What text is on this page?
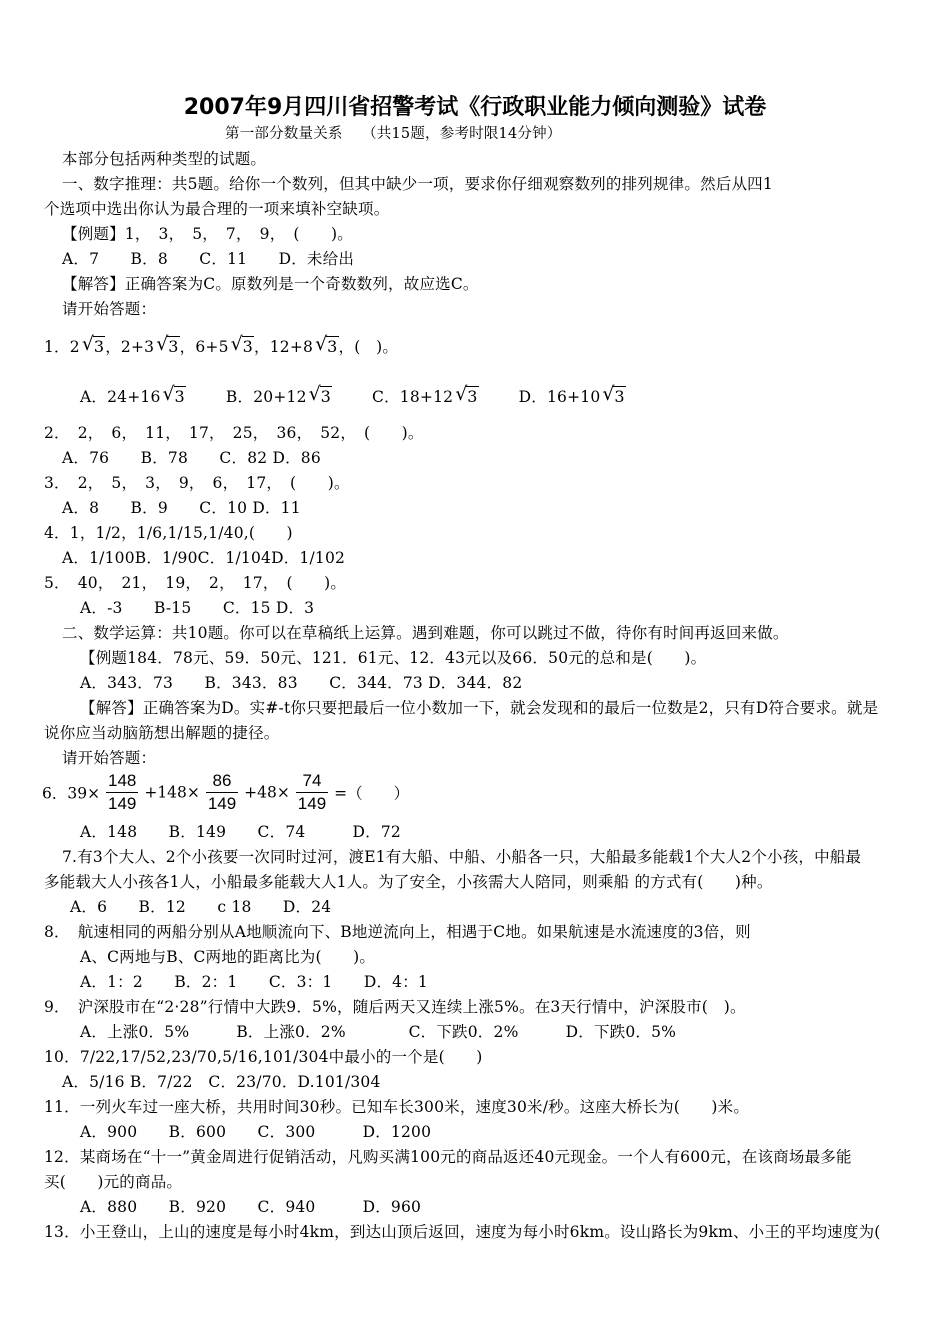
2007年9月四川省招警考试《行政职业能力倾向测验》试卷
第一部分数量关系　 （共15题，参考时限14分钟）
本部分包括两种类型的试题。
一、数字推理：共5题。给你一个数列，但其中缺少一项，要求你仔细观察数列的排列规律。然后从四1
个选项中选出你认为最合理的一项来填补空缺项。
【例题】1，　3，　5，　7，　9，　(　　)。
A．7　　B．8　　C．11　　D．未给出
【解答】正确答案为C。原数列是一个奇数数列，故应选C。
请开始答题：
1．2 √ 3，2+3 √ 3，6+5 √ 3，12+8 √ 3，(　)。
A．24+16 √ 3	B．20+12 √ 3	C．18+12 √ 3	D．16+10 √ 3
2．　2，　6，　11，　17，　25，　36，　52，　(　　)。
A．76　　B．78　　C．82 D．86
3．　2，　5，　3，　9，　6，　17，　(　　)。
A．8　　B．9　　C．10 D．11
4．1，1/2，1/6,1/15,1/40,(　　)
A．1/100B．1/90C．1/104D．1/102
5．　40，　21，　19，　2，　17，　(　　)。
A．-3　　B-15　　C．15 D．3
二、数学运算：共10题。你可以在草稿纸上运算。遇到难题，你可以跳过不做，待你有时间再返回来做。
【例题184．78元、59．50元、121．61元、12．43元以及66．50元的总和是(　　)。
A．343．73　　B．343．83　　C．344．73 D．344．82
【解答】正确答案为D。实#-t你只要把最后一位小数加一下，就会发现和的最后一位数是2，只有D符合要求。就是
说你应当动脑筋想出解题的捷径。
请开始答题：
6．$39\times \frac{148}{149} +148\times \frac{86}{149} +48\times \frac{74}{149}$ =（　　）
A．148　　B．149　　C．74　　　D．72
7.有3个大人、2个小孩要一次同时过河，渡E1有大船、中船、小船各一只，大船最多能载1个大人2个小孩，中船最
多能载大人小孩各1人，小船最多能载大人1人。为了安全，小孩需大人陪同，则乘船 的方式有(　　)种。
A．6　　B．12　　c 18　　D．24
8．　航速相同的两船分别从A地顺流向下、B地逆流向上，相遇于C地。如果航速是水流速度的3倍，则
A、C两地与B、C两地的距离比为(　　)。
A．1：2　　B．2：1　　C．3：1　　D．4：1
9．　沪深股市在“2·28”行情中大跌9．5%，随后两天又连续上涨5%。在3天行情中，沪深股市(　)。
A．上涨0．5%　　　B．上涨0．2%　　　　C．下跌0．2%　　　D．下跌0．5%
10．7/22,17/52,23/70,5/16,101/304中最小的一个是(　　)
A．5/16 B．7/22　C．23/70．D.101/304
11．一列火车过一座大桥，共用时间30秒。已知车长300米，速度30米/秒。这座大桥长为(　　)米。
A．900　　B．600　　C．300　　　D．1200
12．某商场在“十一”黄金周进行促销活动，凡购买满100元的商品返还40元现金。一个人有600元，在该商场最多能
买(　　)元的商品。
A．880　　B．920　　C．940　　　D．960
13．小王登山，上山的速度是每小时4km，到达山顶后返回，速度为每小时6km。设山路长为9km、小王的平均速度为(
